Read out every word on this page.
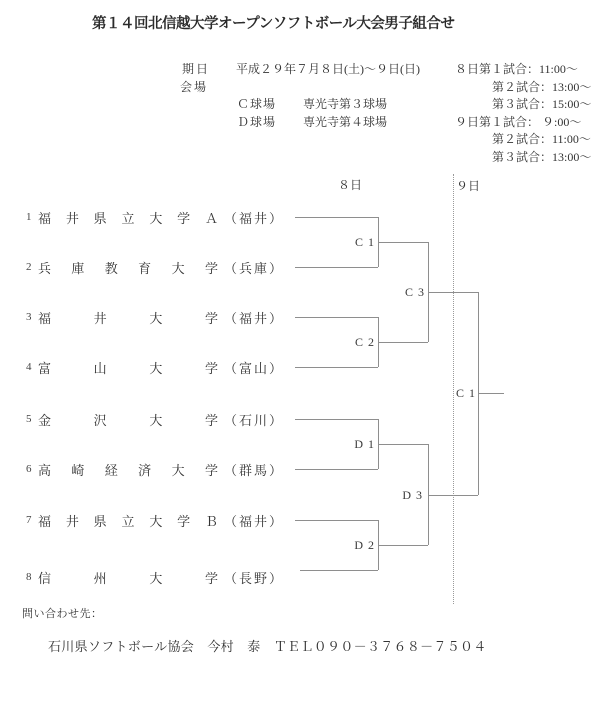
第１４回北信越大学オープンソフトボール大会男子組合せ
期日 平成２９年７月８日(土)～９日(日)
会場
Ｃ球場 専光寺第３球場
Ｄ球場 専光寺第４球場
８日第１試合：11:00～
第２試合：13:00～
第３試合：15:00～
９日第１試合： ９:00～
第２試合：11:00～
第３試合：13:00～
８日	９日
1 福 井 県 立 大 学 Ａ （福井）
2 兵 庫 教 育 大 学 （兵庫）
3 福	井	大	学 （福井）
4 富	山	大	学 （富山）
5 金	沢	大	学 （石川）
6 高 崎 経 済 大 学 （群馬）
7 福 井 県 立 大 学 Ｂ （福井）
8 信	州	大	学 （長野）
C 1
C 3
C 2
D 1
D 3
D 2
C 1
問い合わせ先：
石川県ソフトボール協会　今村　泰　ＴＥＬ０９０－３７６８－７５０４
